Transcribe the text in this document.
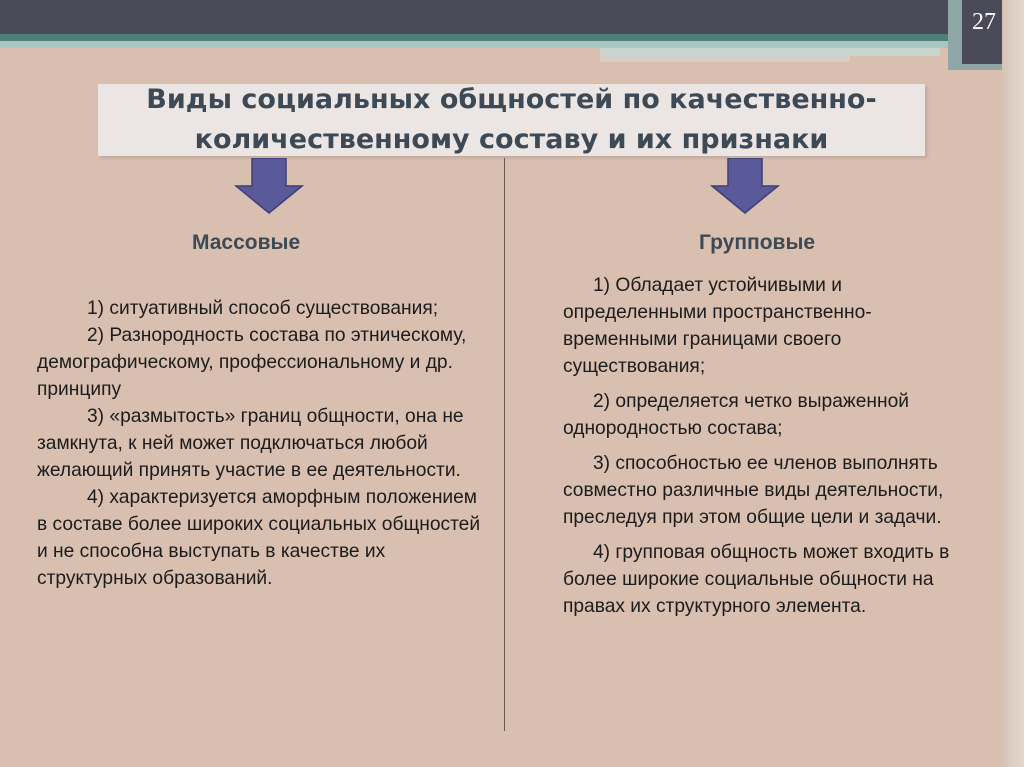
27
Виды социальных общностей по качественно-количественному составу и их признаки
Массовые	Групповые

1) ситуативный способ существования;

2) Разнородность состава по этническому, демографическому, профессиональному и др. принципу

3) «размытость» границ общности, она не замкнута, к ней может подключаться любой желающий принять участие в ее деятельности.

4) характеризуется аморфным положением в составе более широких социальных общностей и не способна выступать в качестве их структурных образований.

1) Обладает устойчивыми и определенными пространственно-временными границами своего существования;

2) определяется четко выраженной однородностью состава;

3) способностью ее членов выполнять совместно различные виды деятельности, преследуя при этом общие цели и задачи.

4) групповая общность может входить в более широкие социальные общности на правах их структурного элемента.
